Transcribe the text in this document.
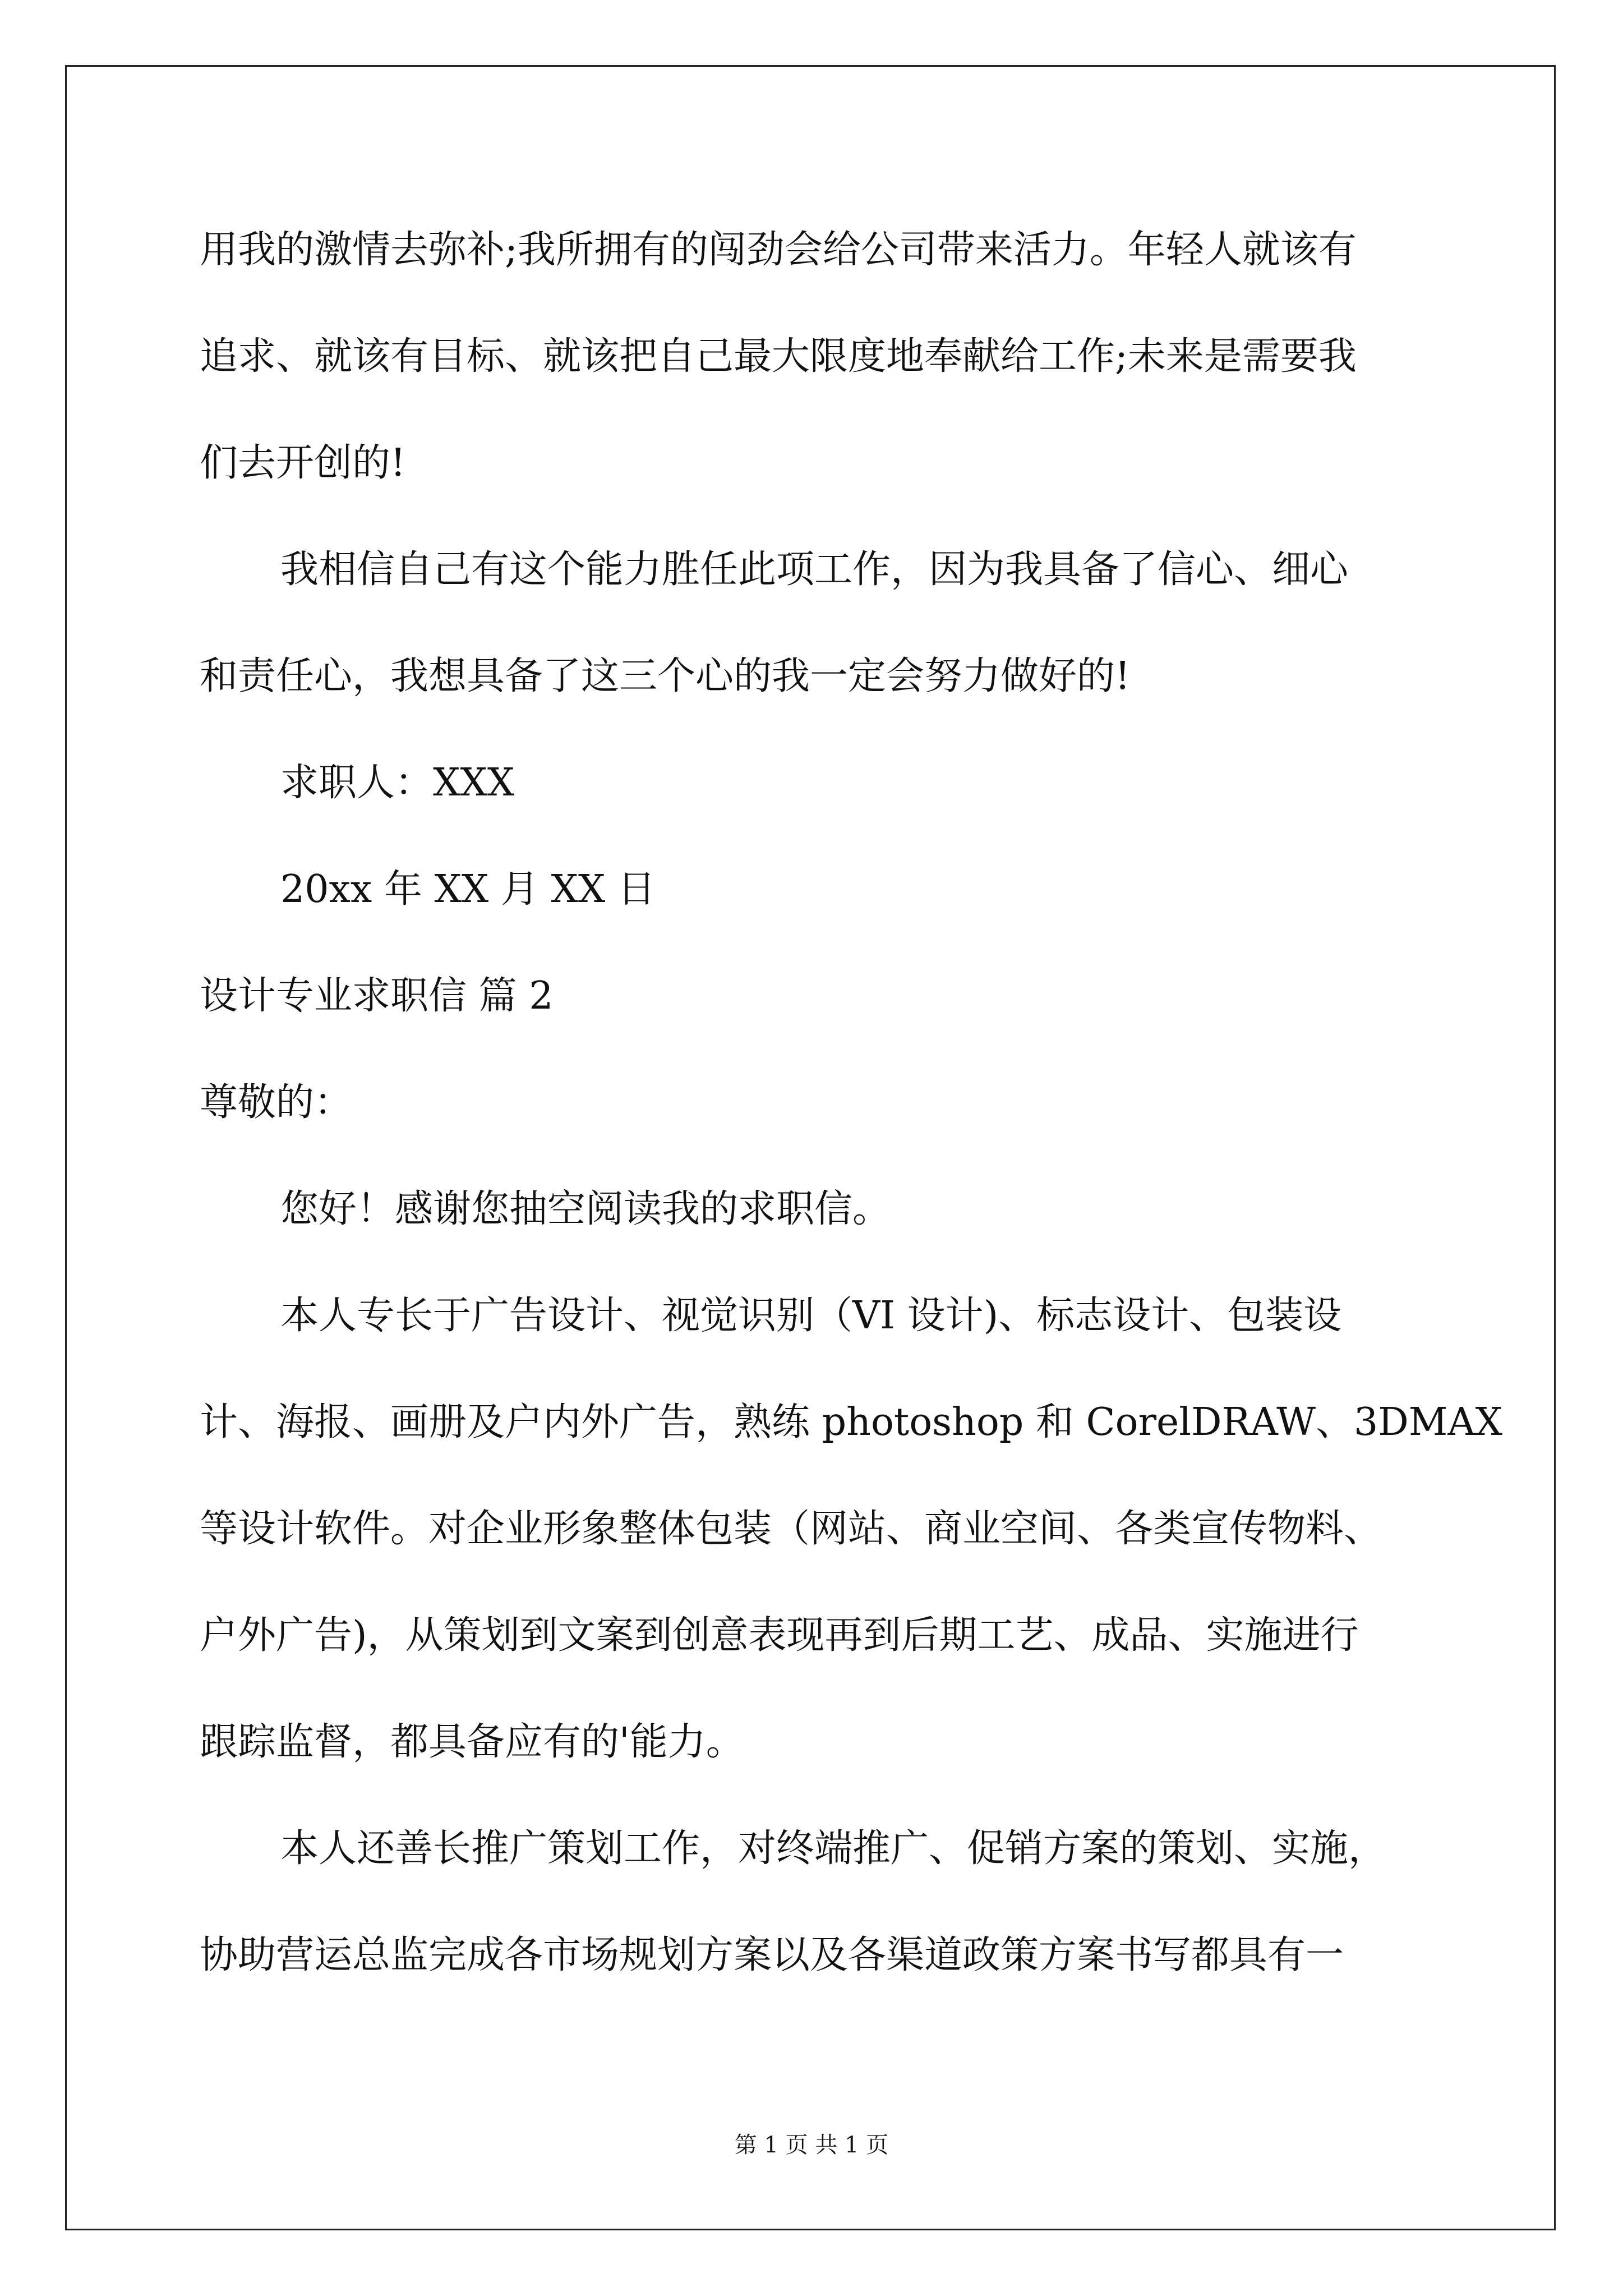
用我的激情去弥补;我所拥有的闯劲会给公司带来活力。年轻人就该有
追求、就该有目标、就该把自己最大限度地奉献给工作;未来是需要我
们去开创的!
我相信自己有这个能力胜任此项工作，因为我具备了信心、细心
和责任心，我想具备了这三个心的我一定会努力做好的!
求职人：XXX
20xx 年 XX 月 XX 日
设计专业求职信 篇 2
尊敬的：
您好！感谢您抽空阅读我的求职信。
本人专长于广告设计、视觉识别（VI 设计)、标志设计、包装设
计、海报、画册及户内外广告，熟练 photoshop 和 CorelDRAW、3DMAX
等设计软件。对企业形象整体包装（网站、商业空间、各类宣传物料、
户外广告)，从策划到文案到创意表现再到后期工艺、成品、实施进行
跟踪监督，都具备应有的'能力。
本人还善长推广策划工作，对终端推广、促销方案的策划、实施，
协助营运总监完成各市场规划方案以及各渠道政策方案书写都具有一
第 1 页 共 1 页
